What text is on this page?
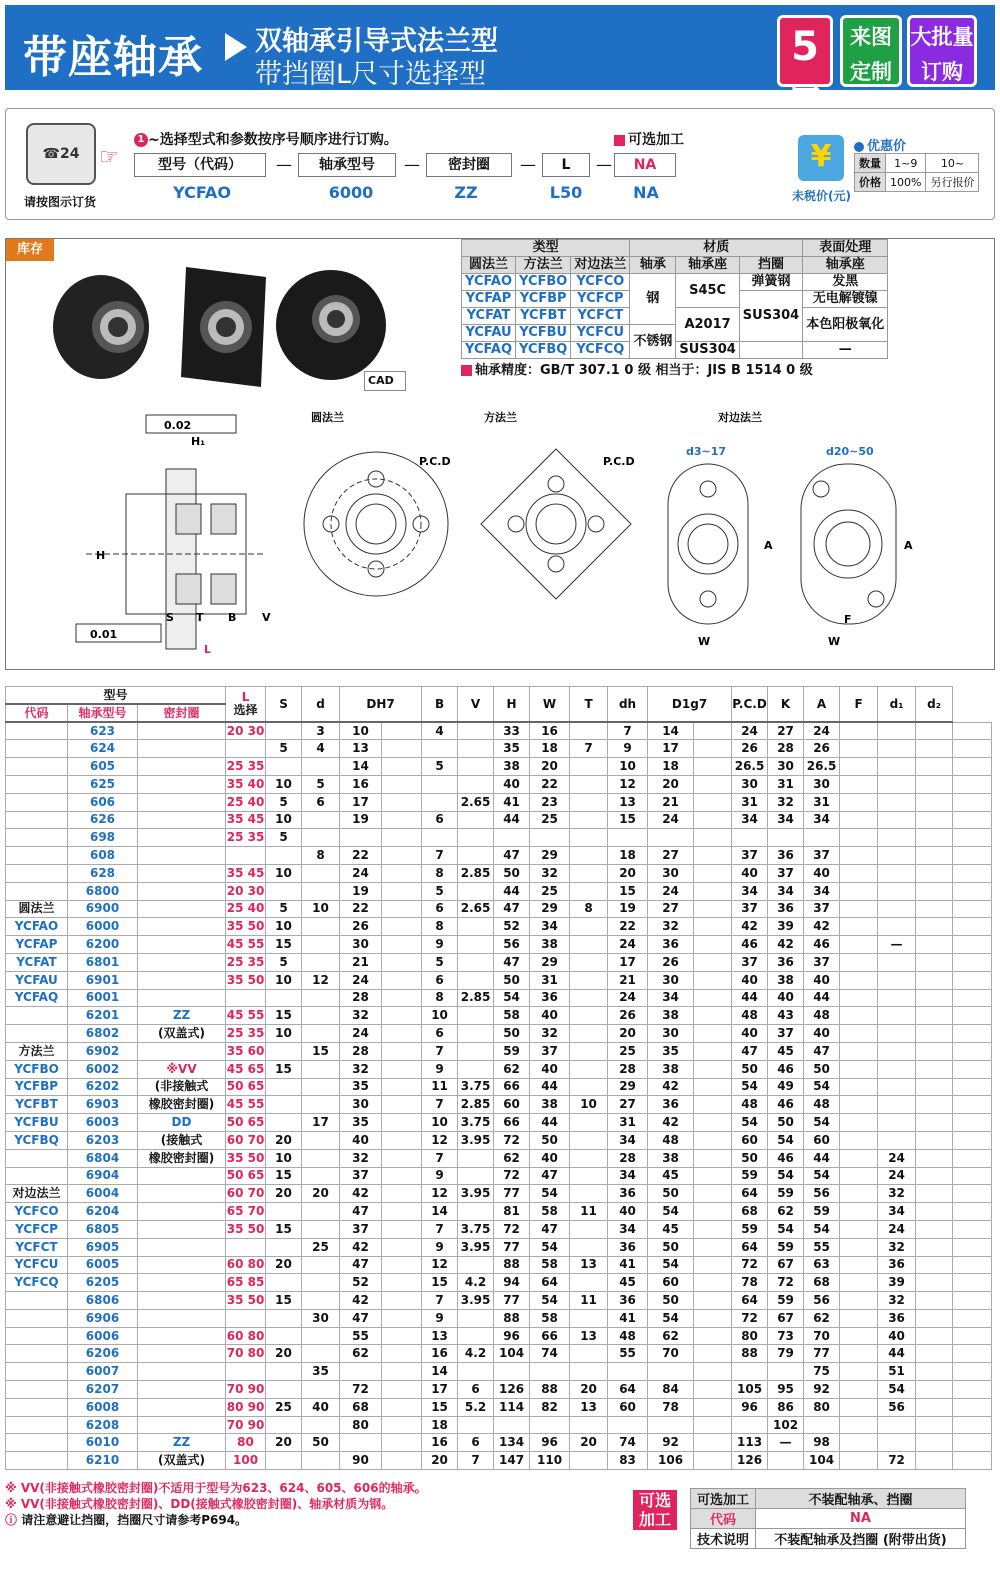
带座轴承 双轴承引导式法兰型
带挡圈L尺寸选择型
5日
来图
定制
大批量
订购
☎24
请按图示订货
☞
1 ~选择型式和参数按序号顺序进行订购。	可选加工
型号（代码）	—	轴承型号	—	密封圈	—	L	—	NA
YCFAO	6000	ZZ	L50	NA
¥
未税价(元)
优惠价
数量	1~9	10~
价格	100%	另行报价
库存
CAD
类型			材质			表面处理
圆法兰	方法兰	对边法兰	轴承	轴承座	挡圈	轴承座
YCFAO	YCFBO	YCFCO	钢	S45C	弹簧钢	发黑
YCFAP	YCFBP	YCFCP			SUS304	无电解镀镍
YCFAT	YCFBT	YCFCT		A2017		本色阳极氧化
YCFAU	YCFBU	YCFCU	不锈钢			
YCFAQ	YCFBQ	YCFCQ		SUS304		—
轴承精度：GB/T 307.1 0 级 相当于：JIS B 1514 0 级
0.02
0.01
H₁
H
S T B V
L
圆法兰
P.C.D
方法兰
P.C.D
对边法兰
d3~17	d20~50
W
F
W
A	A
型号			L
选择	S	d	DH7		B	V	H	W	T	dh	D1g7		P.C.D	K	A	F	d₁	d₂	
代码	轴承型号	密封圈																				
	623		20 30		3	10		4		33	16		7	14		24	27	24				
	624			5	4	13				35	18	7	9	17		26	28	26				
	605		25 35			14		5		38	20		10	18		26.5	30	26.5				
	625		35 40	10	5	16				40	22		12	20		30	31	30				
	606		25 40	5	6	17			2.65	41	23		13	21		31	32	31				
	626		35 45	10		19		6		44	25		15	24		34	34	34				
	698		25 35	5																		
	608				8	22		7		47	29		18	27		37	36	37				
	628		35 45	10		24		8	2.85	50	32		20	30		40	37	40				
	6800		20 30			19		5		44	25		15	24		34	34	34				
圆法兰	6900		25 40	5	10	22		6	2.65	47	29	8	19	27		37	36	37				
YCFAO	6000		35 50	10		26		8		52	34		22	32		42	39	42				
YCFAP	6200		45 55	15		30		9		56	38		24	36		46	42	46		—		
YCFAT	6801		25 35	5		21		5		47	29		17	26		37	36	37				
YCFAU	6901		35 50	10	12	24		6		50	31		21	30		40	38	40				
YCFAQ	6001					28		8	2.85	54	36		24	34		44	40	44				
	6201	ZZ	45 55	15		32		10		58	40		26	38		48	43	48				
	6802	(双盖式)	25 35	10		24		6		50	32		20	30		40	37	40				
方法兰	6902		35 60		15	28		7		59	37		25	35		47	45	47				
YCFBO	6002	※VV	45 65	15		32		9		62	40		28	38		50	46	50				
YCFBP	6202	(非接触式	50 65			35		11	3.75	66	44		29	42		54	49	54				
YCFBT	6903	橡胶密封圈)	45 55			30		7	2.85	60	38	10	27	36		48	46	48				
YCFBU	6003	DD	50 65		17	35		10	3.75	66	44		31	42		54	50	54				
YCFBQ	6203	(接触式	60 70	20		40		12	3.95	72	50		34	48		60	54	60				
	6804	橡胶密封圈)	35 50	10		32		7		62	40		28	38		50	46	44		24		
	6904		50 65	15		37		9		72	47		34	45		59	54	54		24		
对边法兰	6004		60 70	20	20	42		12	3.95	77	54		36	50		64	59	56		32		
YCFCO	6204		65 70			47		14		81	58	11	40	54		68	62	59		34		
YCFCP	6805		35 50	15		37		7	3.75	72	47		34	45		59	54	54		24		
YCFCT	6905				25	42		9	3.95	77	54		36	50		64	59	55		32		
YCFCU	6005		60 80	20		47		12		88	58	13	41	54		72	67	63		36		
YCFCQ	6205		65 85			52		15	4.2	94	64		45	60		78	72	68		39		
	6806		35 50	15		42		7	3.95	77	54	11	36	50		64	59	56		32		
	6906				30	47		9		88	58		41	54		72	67	62		36		
	6006		60 80			55		13		96	66	13	48	62		80	73	70		40		
	6206		70 80	20		62		16	4.2	104	74		55	70		88	79	77		44		
	6007				35			14										75		51		
	6207		70 90			72		17	6	126	88	20	64	84		105	95	92		54		
	6008		80 90	25	40	68		15	5.2	114	82	13	60	78		96	86	80		56		
	6208		70 90			80		18									102					
	6010	ZZ	80	20	50			16	6	134	96	20	74	92		113	—	98				
	6210	(双盖式)	100			90		20	7	147	110		83	106		126		104		72		
※ VV(非接触式橡胶密封圈)不适用于型号为623、624、605、606的轴承。
※ VV(非接触式橡胶密封圈)、DD(接触式橡胶密封圈)、轴承材质为钢。
ⓘ 请注意避让挡圈，挡圈尺寸请参考P694。
可选
加工
可选加工	不装配轴承、挡圈
代码	NA
技术说明	不装配轴承及挡圈 (附带出货)
